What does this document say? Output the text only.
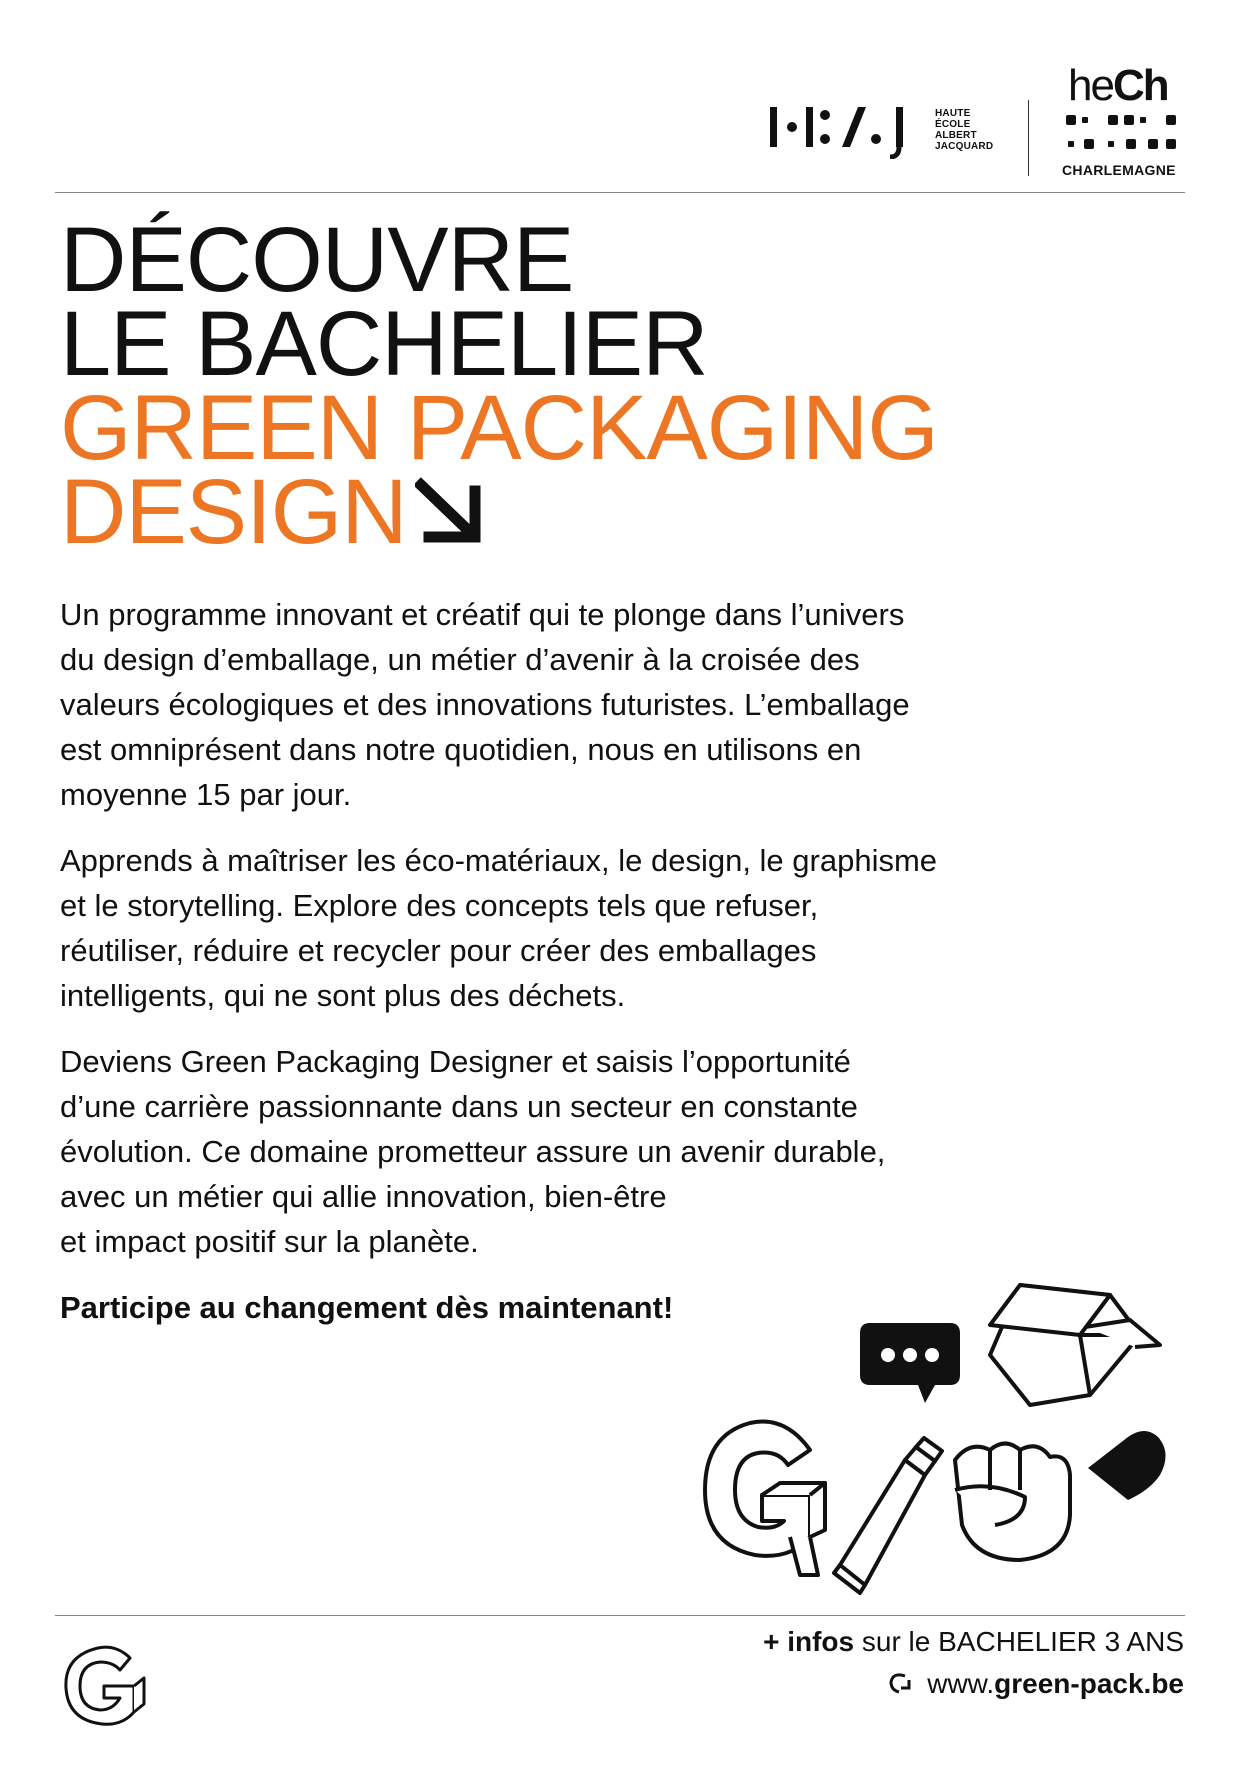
HAUTE
ÉCOLE
ALBERT
JACQUARD
heCh
CHARLEMAGNE
DÉCOUVRE
LE BACHELIER
GREEN PACKAGING
DESIGN

Un programme innovant et créatif qui te plonge dans l’univers
du design d’emballage, un métier d’avenir à la croisée des
valeurs écologiques et des innovations futuristes. L’emballage
est omniprésent dans notre quotidien, nous en utilisons en
moyenne 15 par jour.

Apprends à maîtriser les éco-matériaux, le design, le graphisme
et le storytelling. Explore des concepts tels que refuser,
réutiliser, réduire et recycler pour créer des emballages
intelligents, qui ne sont plus des déchets.

Deviens Green Packaging Designer et saisis l’opportunité
d’une carrière passionnante dans un secteur en constante
évolution. Ce domaine prometteur assure un avenir durable,
avec un métier qui allie innovation, bien-être
et impact positif sur la planète.

Participe au changement dès maintenant!

+ infos sur le BACHELIER 3 ANS
www.green-pack.be
